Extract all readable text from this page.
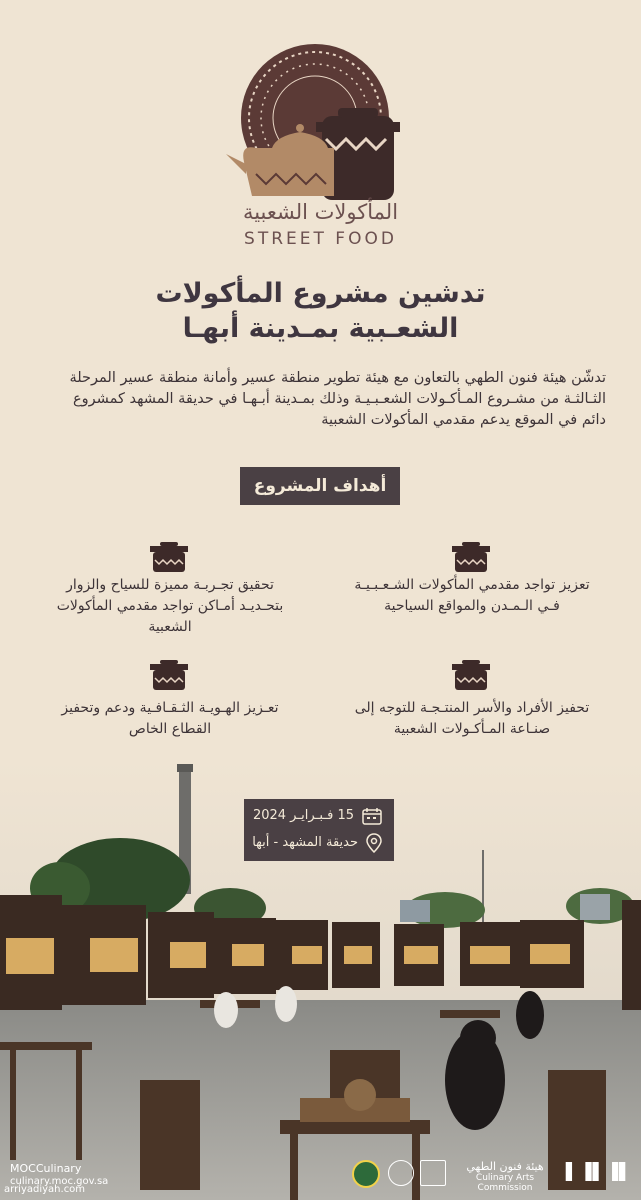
المأكولات الشعبية
STREET FOOD
تدشين مشروع المأكولات
الشعـبية بمـدينة أبهـا
تدشّن هيئة فنون الطهي بالتعاون مع هيئة تطوير منطقة عسير وأمانة منطقة عسير المرحلة الثـالثـة من مشـروع المـأكـولات الشعـبـيـة وذلك بمـدينة أبـهـا في حديقة المشهد كمشروع دائم في الموقع يدعم مقدمي المأكولات الشعبية
أهداف المشروع
تعزيز تواجد مقدمي المأكولات الشـعـبـيـة فـي الـمـدن والمواقع السياحية
تحقيق تجـربـة مميزة للسياح والزوار بتحـديـد أمـاكن تواجد مقدمي المأكولات الشعبية
تحفيز الأفراد والأسر المنتـجـة للتوجه إلى صنـاعة المـأكـولات الشعبية
تعـزيز الهـويـة الثـقـافـية ودعم وتحفيز القطاع الخاص
15 فـبـرايـر 2024
حديقة المشهد - أبها
MOCCulinary
culinary.moc.gov.sa
arriyadiyah.com
هيئة فنون الطهي
Culinary Arts Commission
▌▐▌▐▌
